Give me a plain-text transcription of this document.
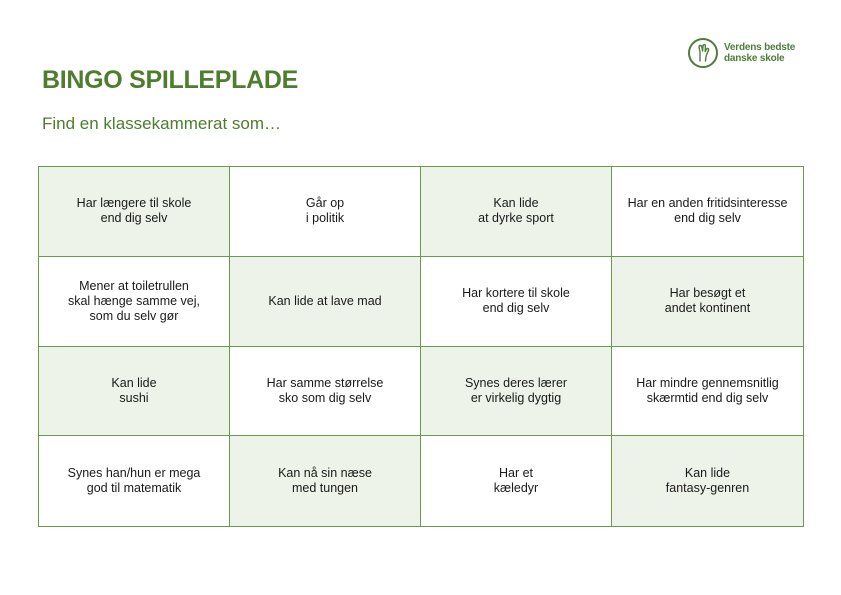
Verdens bedste
danske skole
BINGO SPILLEPLADE

Find en klassekammerat som…

Har længere til skole
end dig selv
Går op
i politik
Kan lide
at dyrke sport
Har en anden fritidsinteresse
end dig selv
Mener at toiletrullen
skal hænge samme vej,
som du selv gør
Kan lide at lave mad
Har kortere til skole
end dig selv
Har besøgt et
andet kontinent
Kan lide
sushi
Har samme størrelse
sko som dig selv
Synes deres lærer
er virkelig dygtig
Har mindre gennemsnitlig
skærmtid end dig selv
Synes han/hun er mega
god til matematik
Kan nå sin næse
med tungen
Har et
kæledyr
Kan lide
fantasy-genren
